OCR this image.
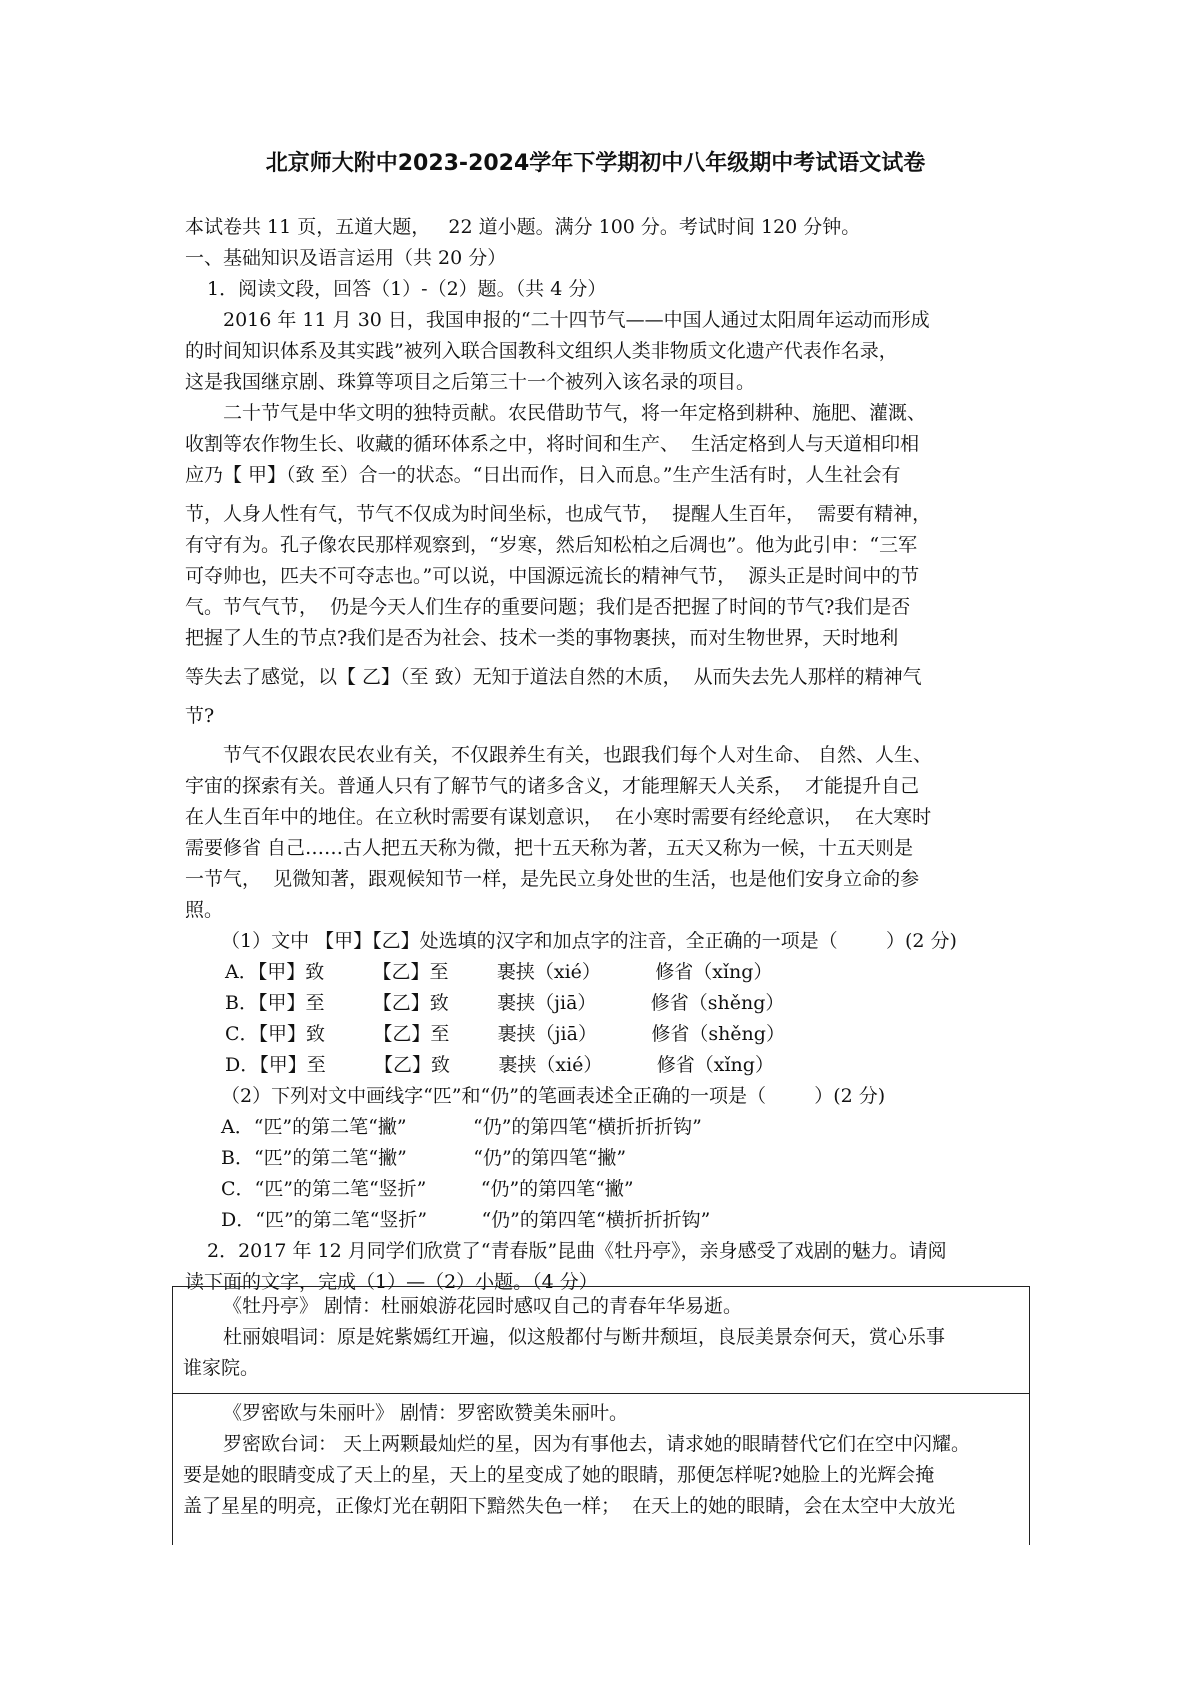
北京师大附中2023-2024学年下学期初中八年级期中考试语文试卷
本试卷共 11 页，五道大题，   22 道小题。满分 100 分。考试时间 120 分钟。
一、基础知识及语言运用（共 20 分）
1．阅读文段，回答（1）-（2）题。（共 4 分）
2016 年 11 月 30 日，我国申报的“二十四节气——中国人通过太阳周年运动而形成
的时间知识体系及其实践”被列入联合国教科文组织人类非物质文化遗产代表作名录，
这是我国继京剧、珠算等项目之后第三十一个被列入该名录的项目。
二十节气是中华文明的独特贡献。农民借助节气，将一年定格到耕种、施肥、灌溉、
收割等农作物生长、收藏的循环体系之中，将时间和生产、  生活定格到人与天道相印相
应乃【 甲】（致 至）合一的状态。“日出而作，日入而息。”生产生活有时，人生社会有
节，人身人性有气，节气不仅成为时间坐标，也成气节，  提醒人生百年，  需要有精神，
有守有为。孔子像农民那样观察到，“岁寒，然后知松柏之后凋也”。他为此引申：“三军
可夺帅也，匹夫不可夺志也。”可以说，中国源远流长的精神气节，  源头正是时间中的节
气。节气气节，  仍是今天人们生存的重要问题；我们是否把握了时间的节气?我们是否
把握了人生的节点?我们是否为社会、技术一类的事物裹挟，而对生物世界，天时地利
等失去了感觉，以【 乙】（至 致）无知于道法自然的木质，  从而失去先人那样的精神气
节?
节气不仅跟农民农业有关，不仅跟养生有关，也跟我们每个人对生命、 自然、人生、
宇宙的探索有关。普通人只有了解节气的诸多含义，才能理解天人关系，  才能提升自己
在人生百年中的地住。在立秋时需要有谋划意识，  在小寒时需要有经纶意识，  在大寒时
需要修省 自己……古人把五天称为微，把十五天称为著，五天又称为一候，十五天则是
一节气，  见微知著，跟观候知节一样，是先民立身处世的生活，也是他们安身立命的参
照。
（1）文中 【甲】【乙】处选填的汉字和加点字的注音，全正确的一项是（        ）(2 分)
A．【甲】致        【乙】至        裹挟（xié）         修省（xǐng）
B．【甲】至        【乙】致        裹挟（jiā）         修省（shěng）
C．【甲】致        【乙】至        裹挟（jiā）         修省（shěng）
D．【甲】至        【乙】致        裹挟（xié）         修省（xǐng）
（2）下列对文中画线字“匹”和“仍”的笔画表述全正确的一项是（        ）(2 分)
A．“匹”的第二笔“撇”           “仍”的第四笔“横折折折钩”
B．“匹”的第二笔“撇”           “仍”的第四笔“撇”
C．“匹”的第二笔“竖折”         “仍”的第四笔“撇”
D．“匹”的第二笔“竖折”         “仍”的第四笔“横折折折钩”
2．2017 年 12 月同学们欣赏了“青春版”昆曲《牡丹亭》，亲身感受了戏剧的魅力。请阅
读下面的文字，完成（1）—（2）小题。（4 分）
《牡丹亭》 剧情：杜丽娘游花园时感叹自己的青春年华易逝。
杜丽娘唱词：原是姹紫嫣红开遍，似这般都付与断井颓垣，良辰美景奈何天，赏心乐事
谁家院。
《罗密欧与朱丽叶》 剧情：罗密欧赞美朱丽叶。
罗密欧台词： 天上两颗最灿烂的星，因为有事他去，请求她的眼睛替代它们在空中闪耀。
要是她的眼睛变成了天上的星，天上的星变成了她的眼睛，那便怎样呢?她脸上的光辉会掩
盖了星星的明亮，正像灯光在朝阳下黯然失色一样；  在天上的她的眼睛，会在太空中大放光
